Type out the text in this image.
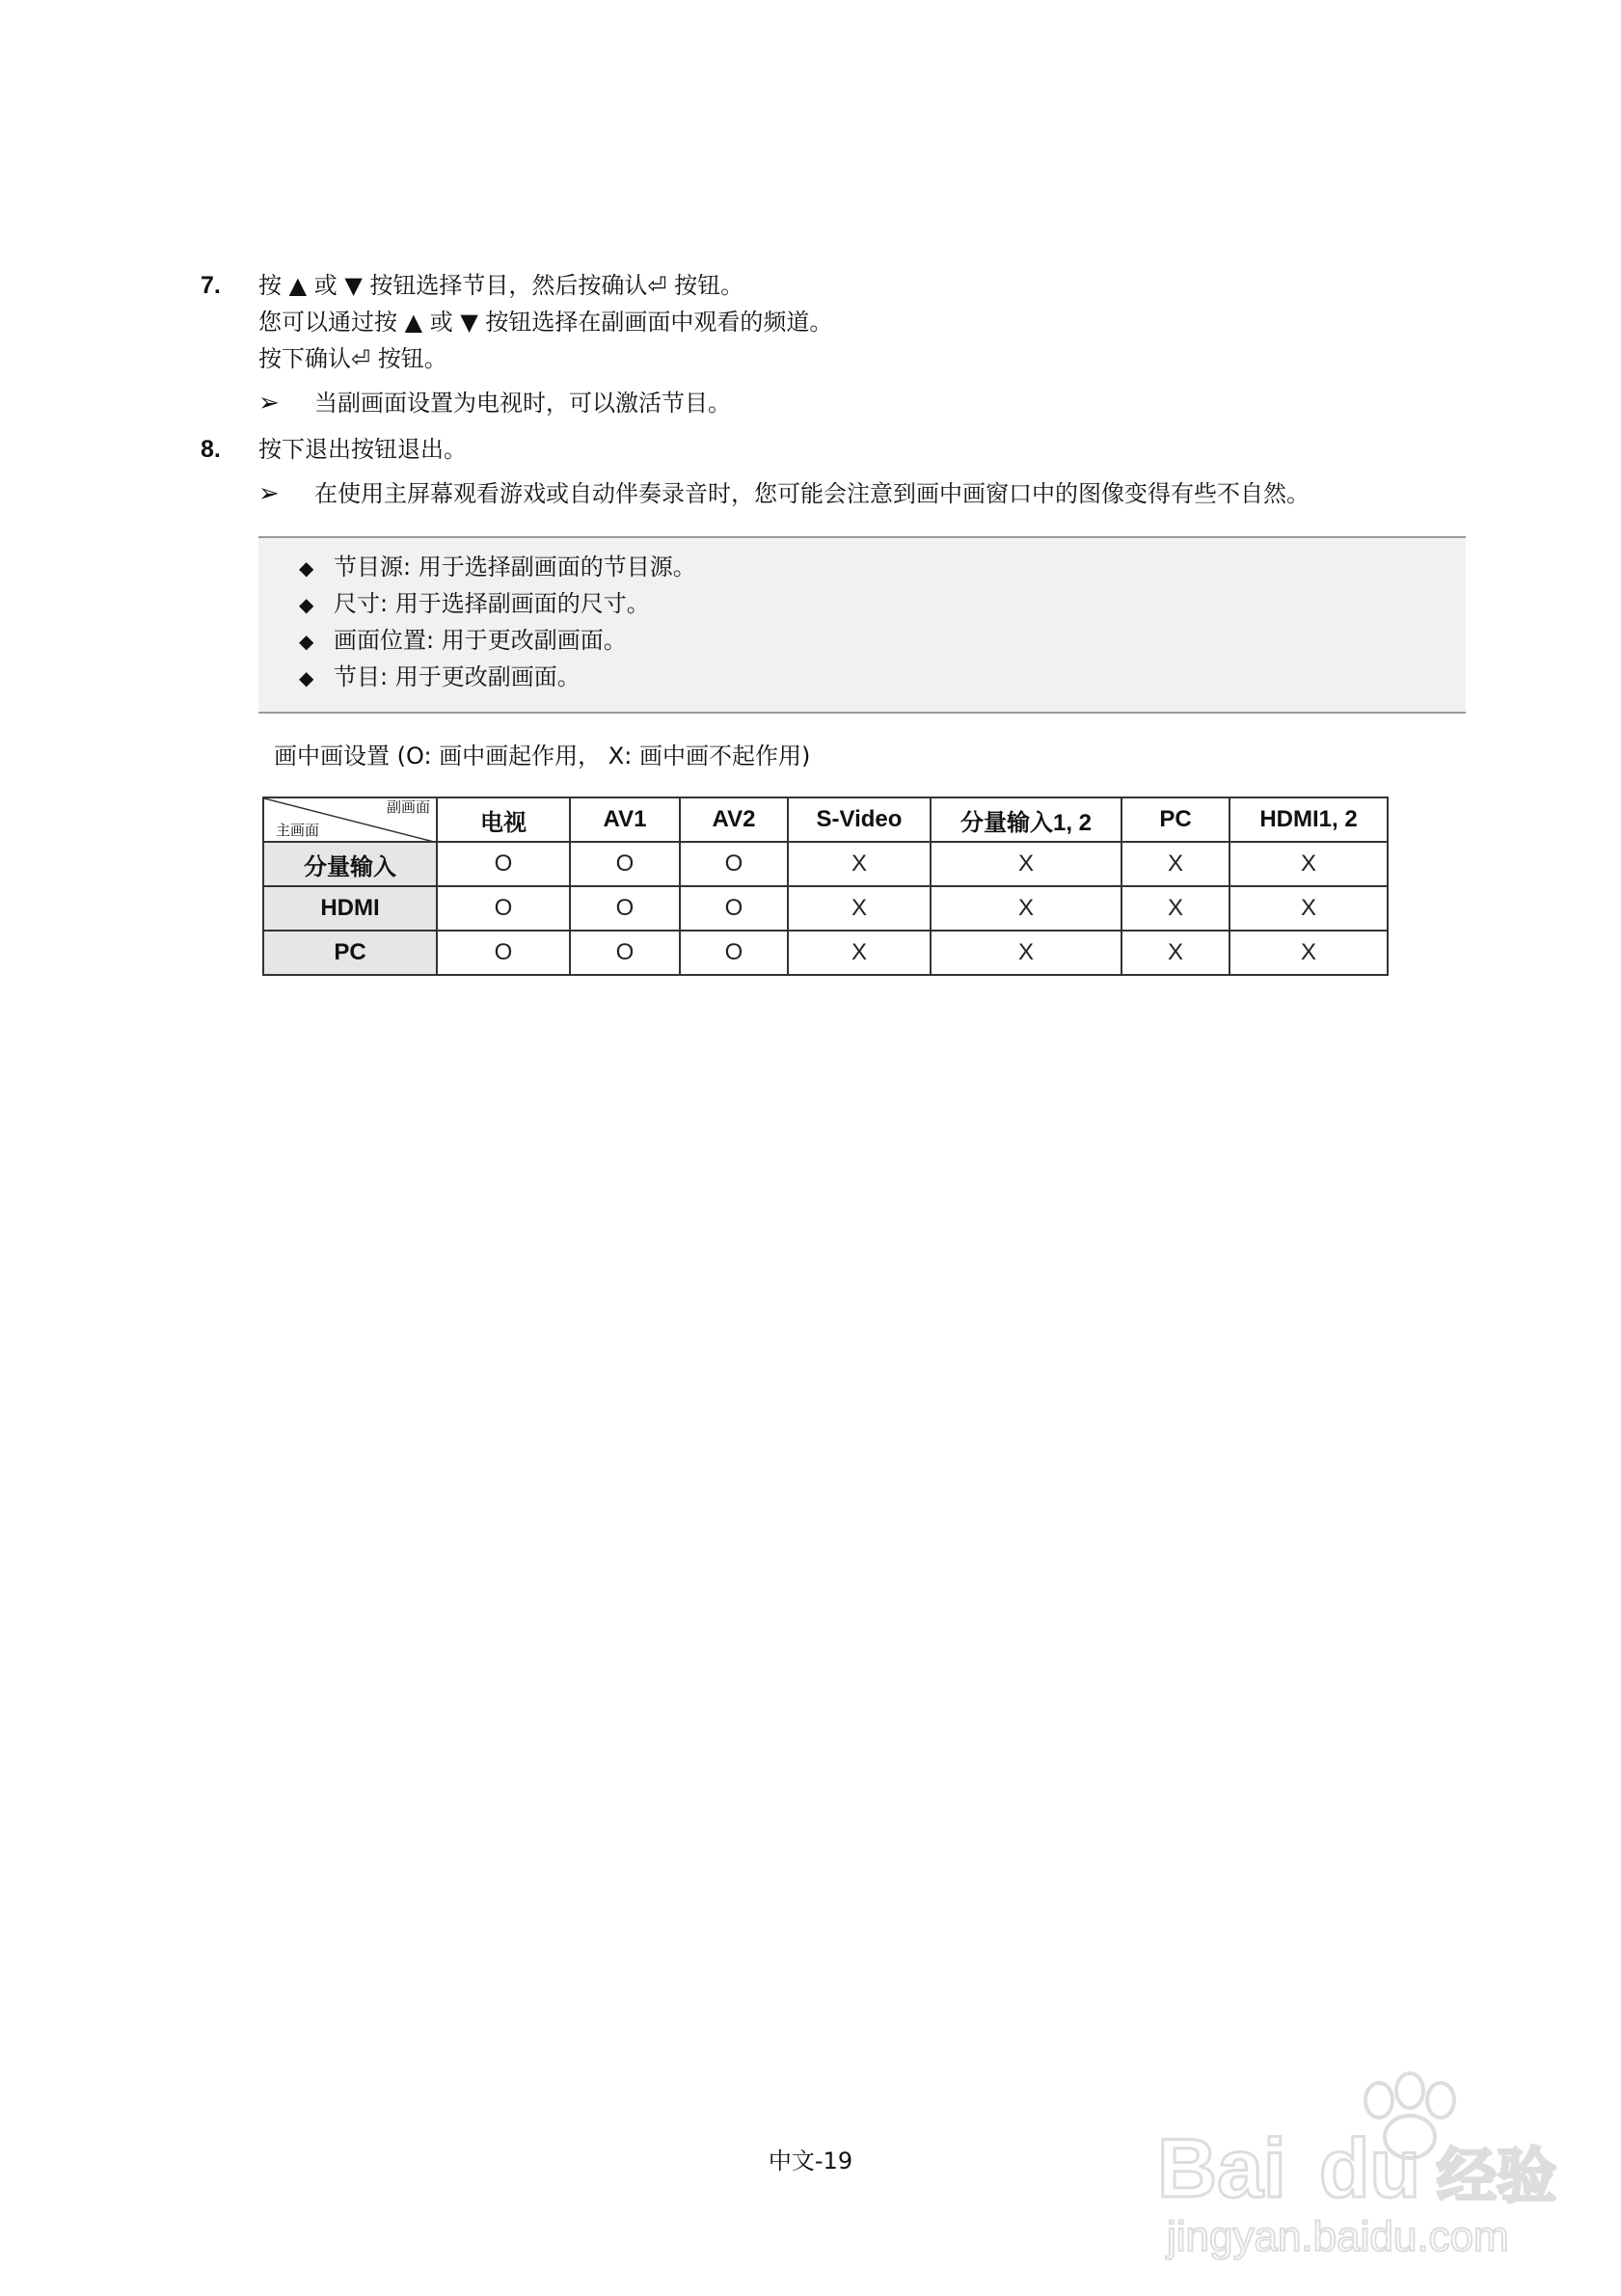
7. 按 ▲ 或 ▼ 按钮选择节目，然后按确认⏎ 按钮。
您可以通过按 ▲ 或 ▼ 按钮选择在副画面中观看的频道。
按下确认⏎ 按钮。
➢ 当副画面设置为电视时，可以激活节目。
8. 按下退出按钮退出。
➢ 在使用主屏幕观看游戏或自动伴奏录音时，您可能会注意到画中画窗口中的图像变得有些不自然。
◆ 节目源: 用于选择副画面的节目源。
◆ 尺寸: 用于选择副画面的尺寸。
◆ 画面位置: 用于更改副画面。
◆ 节目: 用于更改副画面。
画中画设置 (O: 画中画起作用， X: 画中画不起作用)
副画面
主画面	电视	AV1	AV2	S-Video	分量输入1, 2	PC	HDMI1, 2
分量输入	O	O	O	X	X	X	X
HDMI	O	O	O	X	X	X	X
PC	O	O	O	X	X	X	X
中文-19	Bai du 经验
jingyan.baidu.com
